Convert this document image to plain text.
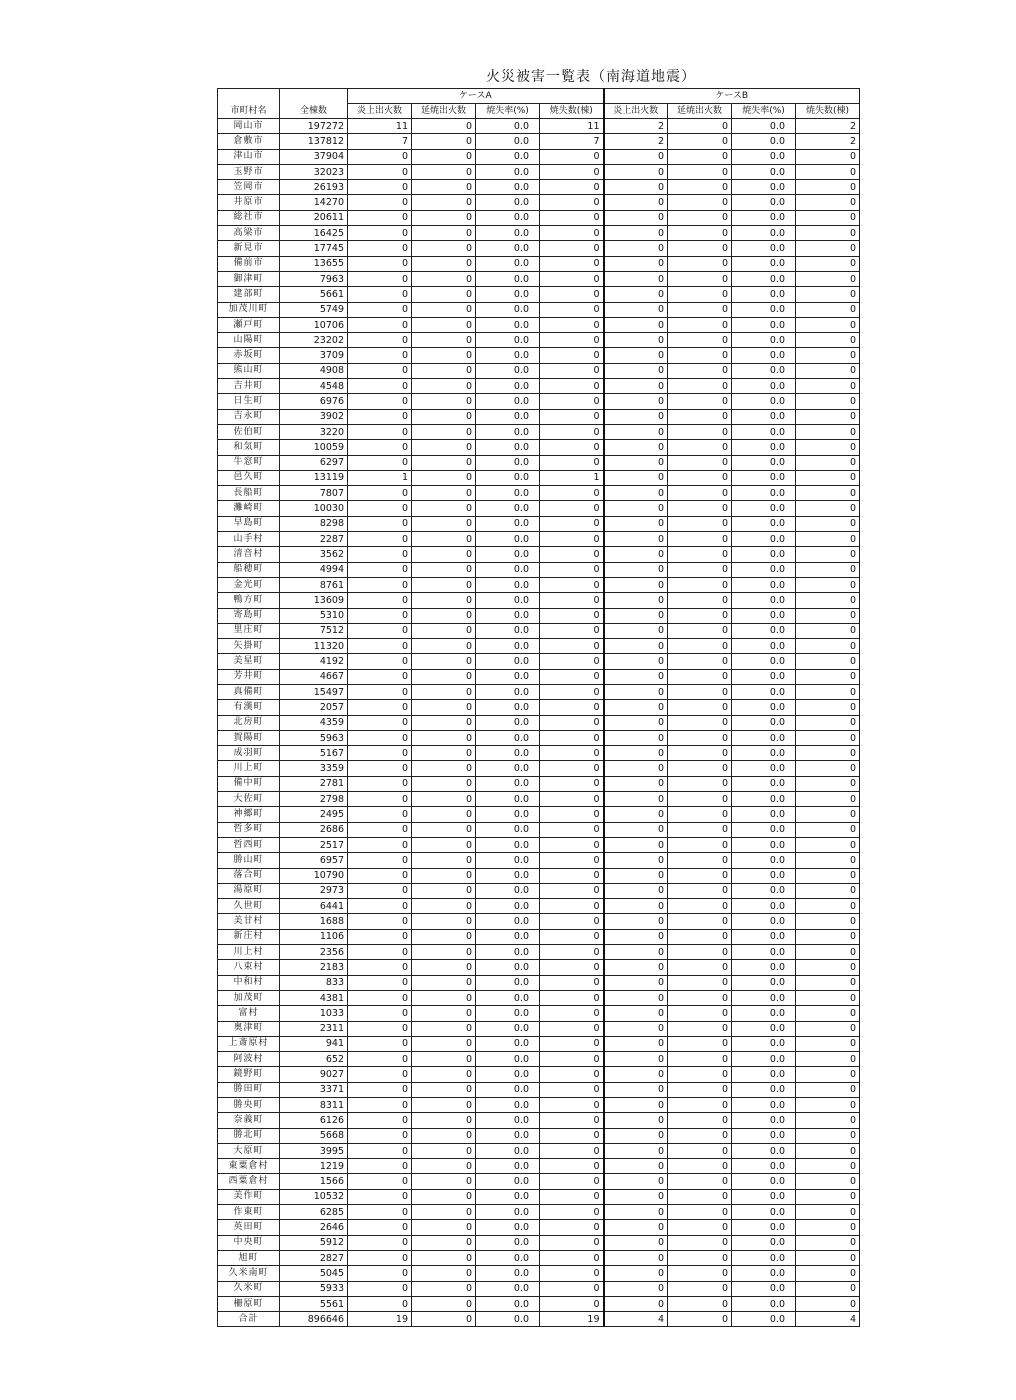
火災被害一覧表（南海道地震）
市町村名	全棟数	ケースA				ケースB			
		炎上出火数	延焼出火数	焼失率(%)	焼失数(棟)	炎上出火数	延焼出火数	焼失率(%)	焼失数(棟)
岡山市	197272	11	0	0.0	11	2	0	0.0	2
倉敷市	137812	7	0	0.0	7	2	0	0.0	2
津山市	37904	0	0	0.0	0	0	0	0.0	0
玉野市	32023	0	0	0.0	0	0	0	0.0	0
笠岡市	26193	0	0	0.0	0	0	0	0.0	0
井原市	14270	0	0	0.0	0	0	0	0.0	0
総社市	20611	0	0	0.0	0	0	0	0.0	0
高梁市	16425	0	0	0.0	0	0	0	0.0	0
新見市	17745	0	0	0.0	0	0	0	0.0	0
備前市	13655	0	0	0.0	0	0	0	0.0	0
御津町	7963	0	0	0.0	0	0	0	0.0	0
建部町	5661	0	0	0.0	0	0	0	0.0	0
加茂川町	5749	0	0	0.0	0	0	0	0.0	0
瀬戸町	10706	0	0	0.0	0	0	0	0.0	0
山陽町	23202	0	0	0.0	0	0	0	0.0	0
赤坂町	3709	0	0	0.0	0	0	0	0.0	0
熊山町	4908	0	0	0.0	0	0	0	0.0	0
吉井町	4548	0	0	0.0	0	0	0	0.0	0
日生町	6976	0	0	0.0	0	0	0	0.0	0
吉永町	3902	0	0	0.0	0	0	0	0.0	0
佐伯町	3220	0	0	0.0	0	0	0	0.0	0
和気町	10059	0	0	0.0	0	0	0	0.0	0
牛窓町	6297	0	0	0.0	0	0	0	0.0	0
邑久町	13119	1	0	0.0	1	0	0	0.0	0
長船町	7807	0	0	0.0	0	0	0	0.0	0
灘崎町	10030	0	0	0.0	0	0	0	0.0	0
早島町	8298	0	0	0.0	0	0	0	0.0	0
山手村	2287	0	0	0.0	0	0	0	0.0	0
清音村	3562	0	0	0.0	0	0	0	0.0	0
船穂町	4994	0	0	0.0	0	0	0	0.0	0
金光町	8761	0	0	0.0	0	0	0	0.0	0
鴨方町	13609	0	0	0.0	0	0	0	0.0	0
寄島町	5310	0	0	0.0	0	0	0	0.0	0
里庄町	7512	0	0	0.0	0	0	0	0.0	0
矢掛町	11320	0	0	0.0	0	0	0	0.0	0
美星町	4192	0	0	0.0	0	0	0	0.0	0
芳井町	4667	0	0	0.0	0	0	0	0.0	0
真備町	15497	0	0	0.0	0	0	0	0.0	0
有漢町	2057	0	0	0.0	0	0	0	0.0	0
北房町	4359	0	0	0.0	0	0	0	0.0	0
賀陽町	5963	0	0	0.0	0	0	0	0.0	0
成羽町	5167	0	0	0.0	0	0	0	0.0	0
川上町	3359	0	0	0.0	0	0	0	0.0	0
備中町	2781	0	0	0.0	0	0	0	0.0	0
大佐町	2798	0	0	0.0	0	0	0	0.0	0
神郷町	2495	0	0	0.0	0	0	0	0.0	0
哲多町	2686	0	0	0.0	0	0	0	0.0	0
哲西町	2517	0	0	0.0	0	0	0	0.0	0
勝山町	6957	0	0	0.0	0	0	0	0.0	0
落合町	10790	0	0	0.0	0	0	0	0.0	0
湯原町	2973	0	0	0.0	0	0	0	0.0	0
久世町	6441	0	0	0.0	0	0	0	0.0	0
美甘村	1688	0	0	0.0	0	0	0	0.0	0
新庄村	1106	0	0	0.0	0	0	0	0.0	0
川上村	2356	0	0	0.0	0	0	0	0.0	0
八束村	2183	0	0	0.0	0	0	0	0.0	0
中和村	833	0	0	0.0	0	0	0	0.0	0
加茂町	4381	0	0	0.0	0	0	0	0.0	0
富村	1033	0	0	0.0	0	0	0	0.0	0
奥津町	2311	0	0	0.0	0	0	0	0.0	0
上斎原村	941	0	0	0.0	0	0	0	0.0	0
阿波村	652	0	0	0.0	0	0	0	0.0	0
鏡野町	9027	0	0	0.0	0	0	0	0.0	0
勝田町	3371	0	0	0.0	0	0	0	0.0	0
勝央町	8311	0	0	0.0	0	0	0	0.0	0
奈義町	6126	0	0	0.0	0	0	0	0.0	0
勝北町	5668	0	0	0.0	0	0	0	0.0	0
大原町	3995	0	0	0.0	0	0	0	0.0	0
東粟倉村	1219	0	0	0.0	0	0	0	0.0	0
西粟倉村	1566	0	0	0.0	0	0	0	0.0	0
美作町	10532	0	0	0.0	0	0	0	0.0	0
作東町	6285	0	0	0.0	0	0	0	0.0	0
英田町	2646	0	0	0.0	0	0	0	0.0	0
中央町	5912	0	0	0.0	0	0	0	0.0	0
旭町	2827	0	0	0.0	0	0	0	0.0	0
久米南町	5045	0	0	0.0	0	0	0	0.0	0
久米町	5933	0	0	0.0	0	0	0	0.0	0
柵原町	5561	0	0	0.0	0	0	0	0.0	0
合計	896646	19	0	0.0	19	4	0	0.0	4
